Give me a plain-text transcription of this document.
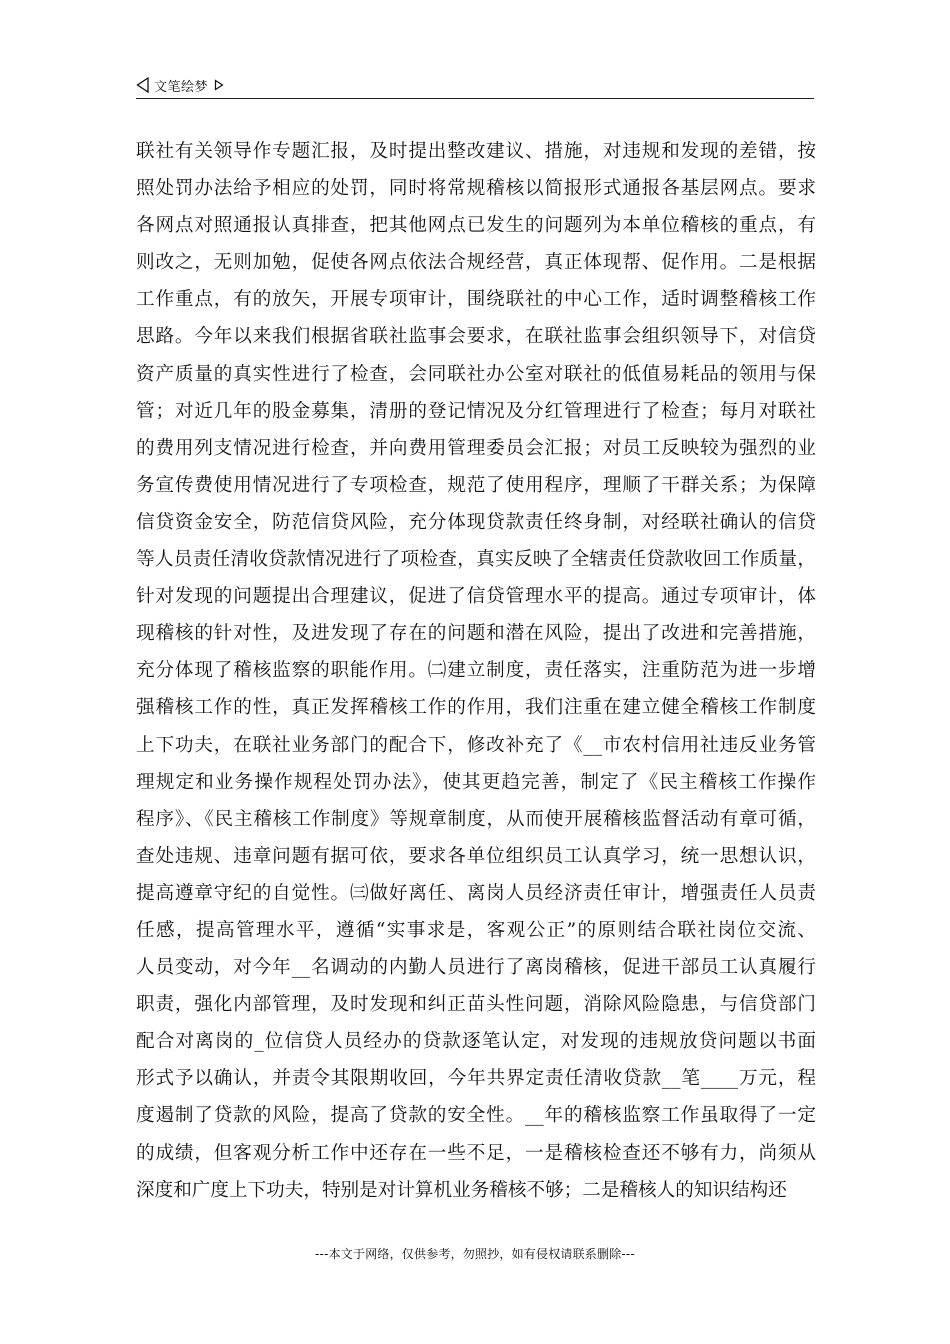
文笔绘梦
联社有关领导作专题汇报，及时提出整改建议、措施，对违规和发现的差错，按
照处罚办法给予相应的处罚，同时将常规稽核以简报形式通报各基层网点。要求
各网点对照通报认真排查，把其他网点已发生的问题列为本单位稽核的重点，有
则改之，无则加勉，促使各网点依法合规经营，真正体现帮、促作用。二是根据
工作重点，有的放矢，开展专项审计，围绕联社的中心工作，适时调整稽核工作
思路。今年以来我们根据省联社监事会要求，在联社监事会组织领导下，对信贷
资产质量的真实性进行了检查，会同联社办公室对联社的低值易耗品的领用与保
管；对近几年的股金募集，清册的登记情况及分红管理进行了检查；每月对联社
的费用列支情况进行检查，并向费用管理委员会汇报；对员工反映较为强烈的业
务宣传费使用情况进行了专项检查，规范了使用程序，理顺了干群关系；为保障
信贷资金安全，防范信贷风险，充分体现贷款责任终身制，对经联社确认的信贷
等人员责任清收贷款情况进行了项检查，真实反映了全辖责任贷款收回工作质量，
针对发现的问题提出合理建议，促进了信贷管理水平的提高。通过专项审计，体
现稽核的针对性，及进发现了存在的问题和潜在风险，提出了改进和完善措施，
充分体现了稽核监察的职能作用。㈡建立制度，责任落实，注重防范为进一步增
强稽核工作的性，真正发挥稽核工作的作用，我们注重在建立健全稽核工作制度
上下功夫，在联社业务部门的配合下，修改补充了《__市农村信用社违反业务管
理规定和业务操作规程处罚办法》，使其更趋完善，制定了《民主稽核工作操作
程序》、《民主稽核工作制度》等规章制度，从而使开展稽核监督活动有章可循，
查处违规、违章问题有据可依，要求各单位组织员工认真学习，统一思想认识，
提高遵章守纪的自觉性。㈢做好离任、离岗人员经济责任审计，增强责任人员责
任感，提高管理水平，遵循“实事求是，客观公正”的原则结合联社岗位交流、
人员变动，对今年__名调动的内勤人员进行了离岗稽核，促进干部员工认真履行
职责，强化内部管理，及时发现和纠正苗头性问题，消除风险隐患，与信贷部门
配合对离岗的_位信贷人员经办的贷款逐笔认定，对发现的违规放贷问题以书面
形式予以确认，并责令其限期收回，今年共界定责任清收贷款__笔____万元，程
度遏制了贷款的风险，提高了贷款的安全性。__年的稽核监察工作虽取得了一定
的成绩，但客观分析工作中还存在一些不足，一是稽核检查还不够有力，尚须从
深度和广度上下功夫，特别是对计算机业务稽核不够；二是稽核人的知识结构还
---本文于网络，仅供参考，勿照抄，如有侵权请联系删除---
